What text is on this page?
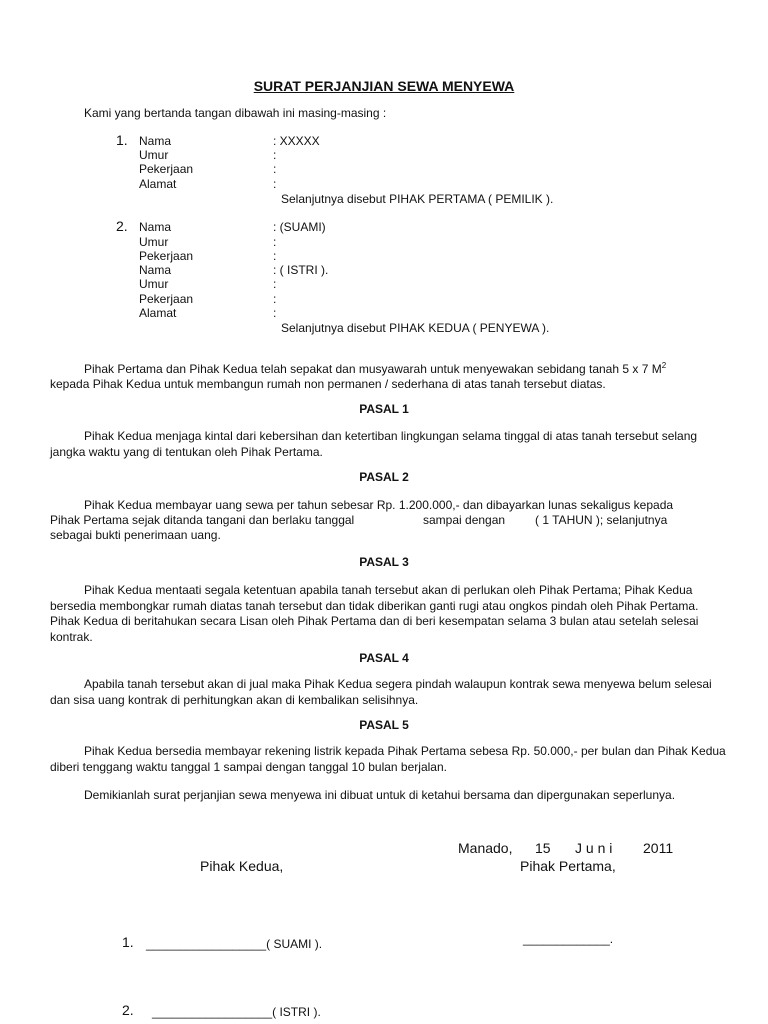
SURAT PERJANJIAN SEWA MENYEWA
Kami yang bertanda tangan dibawah ini masing-masing :
1. Nama	: XXXXX
Umur	:
Pekerjaan	:
Alamat	:
Selanjutnya disebut PIHAK PERTAMA ( PEMILIK ).
2. Nama	: (SUAMI)
Umur	:
Pekerjaan	:
Nama	: ( ISTRI ).
Umur	:
Pekerjaan	:
Alamat	:
Selanjutnya disebut PIHAK KEDUA ( PENYEWA ).
Pihak Pertama dan Pihak Kedua telah sepakat dan musyawarah untuk menyewakan sebidang tanah 5 x 7 $M^2$
kepada Pihak Kedua untuk membangun rumah non permanen / sederhana di atas tanah tersebut diatas.
PASAL 1
Pihak Kedua menjaga kintal dari kebersihan dan ketertiban lingkungan selama tinggal di atas tanah tersebut selang jangka waktu yang di tentukan oleh Pihak Pertama.
PASAL 2
Pihak Kedua membayar uang sewa per tahun sebesar Rp. 1.200.000,- dan dibayarkan lunas sekaligus kepada
Pihak Pertama sejak ditanda tangani dan berlaku tanggal	sampai dengan ( 1 TAHUN ); selanjutnya
sebagai bukti penerimaan uang.
PASAL 3
Pihak Kedua mentaati segala ketentuan apabila tanah tersebut akan di perlukan oleh Pihak Pertama; Pihak Kedua bersedia membongkar rumah diatas tanah tersebut dan tidak diberikan ganti rugi atau ongkos pindah oleh Pihak Pertama. Pihak Kedua di beritahukan secara Lisan oleh Pihak Pertama dan di beri kesempatan selama 3 bulan atau setelah selesai kontrak.
PASAL 4
Apabila tanah tersebut akan di jual maka Pihak Kedua segera pindah walaupun kontrak sewa menyewa belum selesai dan sisa uang kontrak di perhitungkan akan di kembalikan selisihnya.
PASAL 5
Pihak Kedua bersedia membayar rekening listrik kepada Pihak Pertama sebesa Rp. 50.000,- per bulan dan Pihak Kedua diberi tenggang waktu tanggal 1 sampai dengan tanggal 10 bulan berjalan.
Demikianlah surat perjanjian sewa menyewa ini dibuat untuk di ketahui bersama dan dipergunakan seperlunya.
Manado, 15 J u n i 2011
Pihak Kedua,	Pihak Pertama,
1. __________________( SUAMI ).	_____________.
2. __________________( ISTRI ).
